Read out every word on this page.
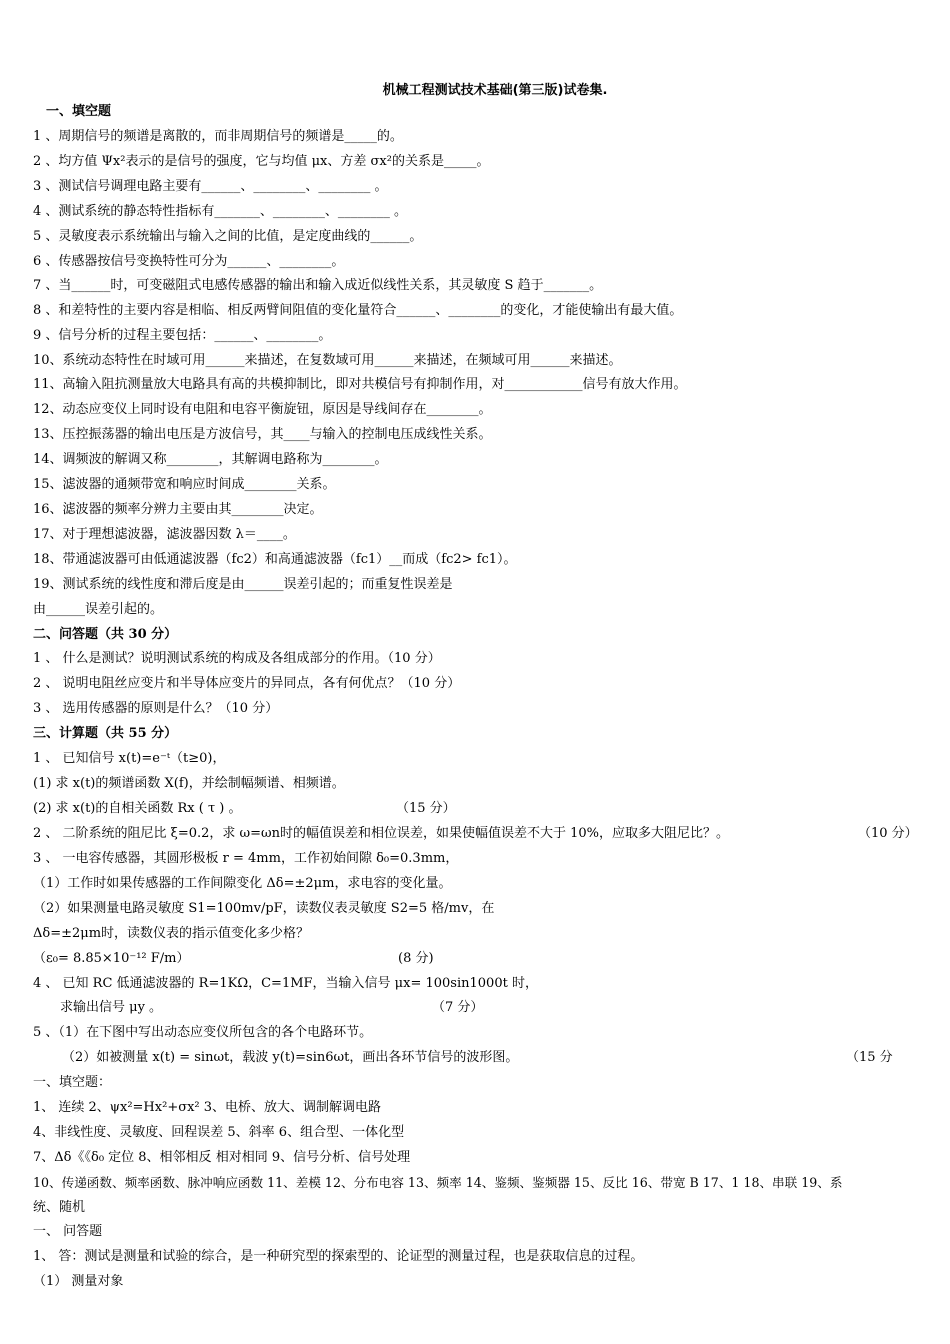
机械工程测试技术基础(第三版)试卷集.
一、填空题
1 、周期信号的频谱是离散的，而非周期信号的频谱是_____的。
2 、均方值 Ψx²表示的是信号的强度，它与均值 μx、方差 σx²的关系是_____。
3 、测试信号调理电路主要有______、________、________ 。
4 、测试系统的静态特性指标有_______、________、________ 。
5 、灵敏度表示系统输出与输入之间的比值，是定度曲线的______。
6 、传感器按信号变换特性可分为______、________。
7 、当______时，可变磁阻式电感传感器的输出和输入成近似线性关系，其灵敏度 S 趋于_______。
8 、和差特性的主要内容是相临、相反两臂间阻值的变化量符合______、________的变化，才能使输出有最大值。
9 、信号分析的过程主要包括：______、________。
10、系统动态特性在时域可用______来描述，在复数域可用______来描述，在频域可用______来描述。
11、高输入阻抗测量放大电路具有高的共模抑制比，即对共模信号有抑制作用，对____________信号有放大作用。
12、动态应变仪上同时设有电阻和电容平衡旋钮，原因是导线间存在________。
13、压控振荡器的输出电压是方波信号，其____与输入的控制电压成线性关系。
14、调频波的解调又称________，其解调电路称为________。
15、滤波器的通频带宽和响应时间成________关系。
16、滤波器的频率分辨力主要由其________决定。
17、对于理想滤波器，滤波器因数 λ＝____。
18、带通滤波器可由低通滤波器（fc2）和高通滤波器（fc1）__而成（fc2> fc1）。
19、测试系统的线性度和滞后度是由______误差引起的；而重复性误差是
由______误差引起的。
二、问答题（共 30 分）
1 、 什么是测试？说明测试系统的构成及各组成部分的作用。（10 分）
2 、 说明电阻丝应变片和半导体应变片的异同点，各有何优点？（10 分）
3 、 选用传感器的原则是什么？（10 分）
三、计算题（共 55 分）
1 、 已知信号 x(t)=e⁻ᵗ（t≥0)，
(1) 求 x(t)的频谱函数 X(f)，并绘制幅频谱、相频谱。
(2) 求 x(t)的自相关函数 Rx ( τ ) 。	（15 分）
2 、 二阶系统的阻尼比 ξ=0.2，求 ω=ωn时的幅值误差和相位误差，如果使幅值误差不大于 10%，应取多大阻尼比？。	（10 分）
3 、 一电容传感器，其圆形极板 r = 4mm，工作初始间隙 δ₀=0.3mm，
（1）工作时如果传感器的工作间隙变化 Δδ=±2μm，求电容的变化量。
（2）如果测量电路灵敏度 S1=100mv/pF，读数仪表灵敏度 S2=5 格/mv，在
Δδ=±2μm时，读数仪表的指示值变化多少格？
（ε₀= 8.85×10⁻¹² F/m）	(8 分)
4 、 已知 RC 低通滤波器的 R=1KΩ，C=1MF，当输入信号 μx= 100sin1000t 时，
求输出信号 μy 。	（7 分）
5 、（1）在下图中写出动态应变仪所包含的各个电路环节。
（2）如被测量 x(t) = sinωt，载波 y(t)=sin6ωt，画出各环节信号的波形图。	（15 分
一、填空题：
1、 连续 2、ψx²=Hx²+σx² 3、电桥、放大、调制解调电路
4、非线性度、灵敏度、回程误差 5、斜率 6、组合型、一体化型
7、Δδ《《δ₀ 定位 8、相邻相反 相对相同 9、信号分析、信号处理
10、传递函数、频率函数、脉冲响应函数 11、差模 12、分布电容 13、频率 14、鉴频、鉴频器 15、反比 16、带宽 B 17、1 18、串联 19、系
统、随机
一、 问答题
1、 答：测试是测量和试验的综合，是一种研究型的探索型的、论证型的测量过程，也是获取信息的过程。
（1） 测量对象
